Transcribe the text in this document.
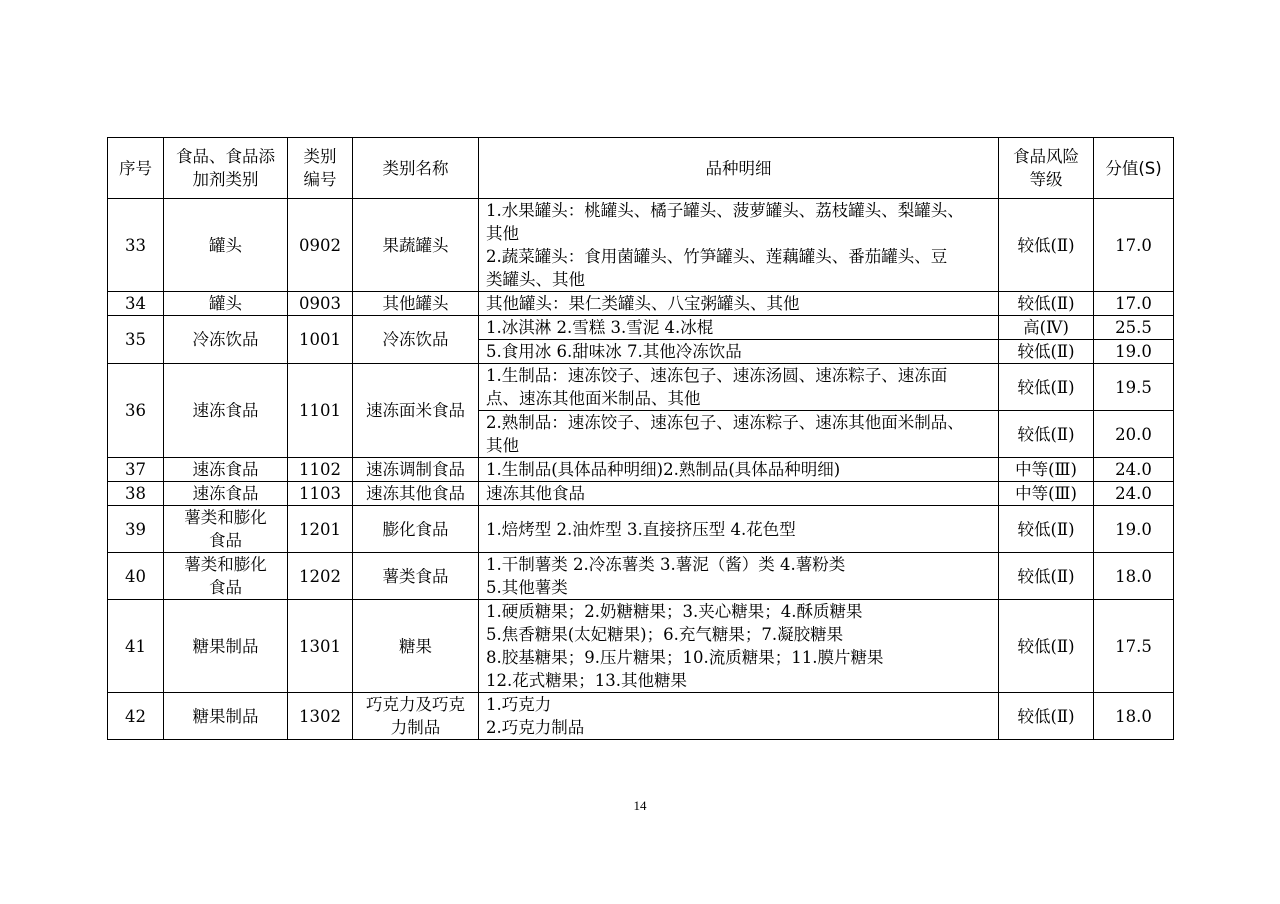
序号	食品、食品添
加剂类别	类别
编号	类别名称	品种明细	食品风险
等级	分值(S)
33	罐头	0902	果蔬罐头	1.水果罐头：桃罐头、橘子罐头、菠萝罐头、荔枝罐头、梨罐头、
其他
2.蔬菜罐头：食用菌罐头、竹笋罐头、莲藕罐头、番茄罐头、豆
类罐头、其他	较低(Ⅱ)	17.0
34	罐头	0903	其他罐头	其他罐头：果仁类罐头、八宝粥罐头、其他	较低(Ⅱ)	17.0
35	冷冻饮品	1001	冷冻饮品	1.冰淇淋 2.雪糕 3.雪泥 4.冰棍	高(Ⅳ)	25.5

				5.食用冰 6.甜味冰 7.其他冷冻饮品	较低(Ⅱ)	19.0
36	速冻食品	1101	速冻面米食品	1.生制品：速冻饺子、速冻包子、速冻汤圆、速冻粽子、速冻面
点、速冻其他面米制品、其他	较低(Ⅱ)	19.5

				2.熟制品：速冻饺子、速冻包子、速冻粽子、速冻其他面米制品、
其他	较低(Ⅱ)	20.0
37	速冻食品	1102	速冻调制食品	1.生制品(具体品种明细)2.熟制品(具体品种明细)	中等(Ⅲ)	24.0
38	速冻食品	1103	速冻其他食品	速冻其他食品	中等(Ⅲ)	24.0
39	薯类和膨化
食品	1201	膨化食品	1.焙烤型 2.油炸型 3.直接挤压型 4.花色型	较低(Ⅱ)	19.0
40	薯类和膨化
食品	1202	薯类食品	1.干制薯类 2.冷冻薯类 3.薯泥（酱）类 4.薯粉类
5.其他薯类	较低(Ⅱ)	18.0
41	糖果制品	1301	糖果	1.硬质糖果；2.奶糖糖果；3.夹心糖果；4.酥质糖果
5.焦香糖果(太妃糖果)；6.充气糖果；7.凝胶糖果
8.胶基糖果；9.压片糖果；10.流质糖果；11.膜片糖果
12.花式糖果；13.其他糖果	较低(Ⅱ)	17.5
42	糖果制品	1302	巧克力及巧克
力制品	1.巧克力
2.巧克力制品	较低(Ⅱ)	18.0
14
